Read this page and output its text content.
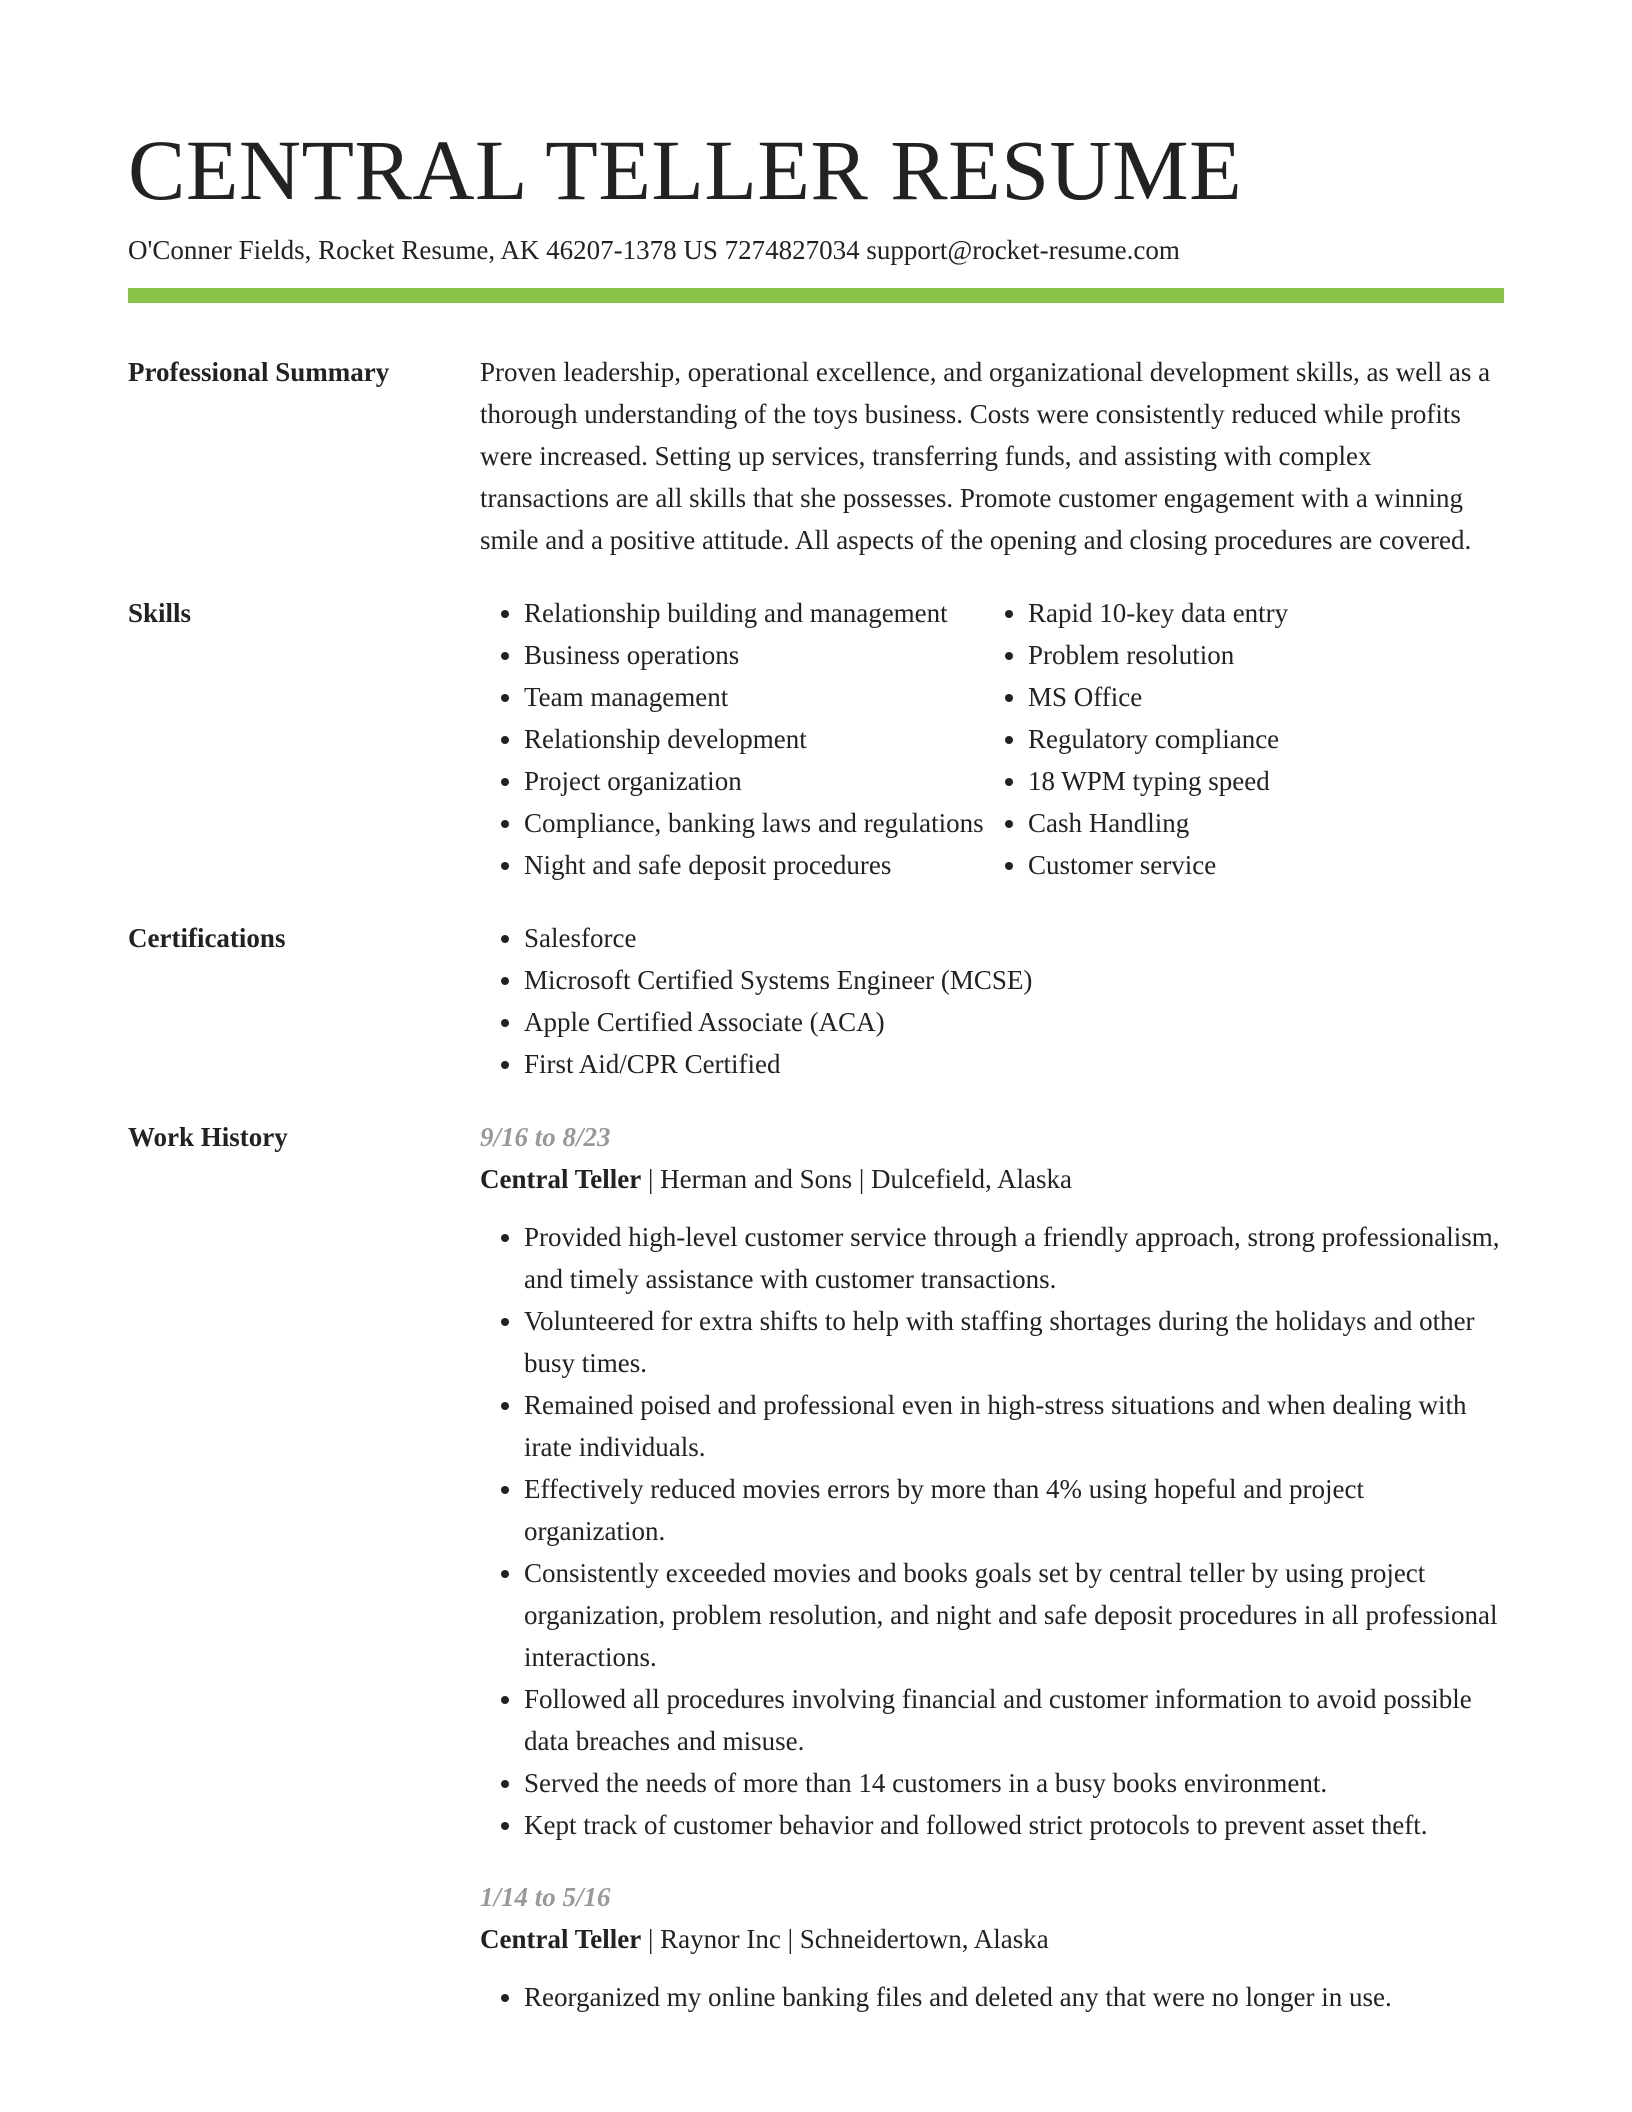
CENTRAL TELLER RESUME
O'Conner Fields, Rocket Resume, AK 46207-1378 US 7274827034 support@rocket-resume.com
Professional Summary	Proven leadership, operational excellence, and organizational development skills, as well as a thorough understanding of the toys business. Costs were consistently reduced while profits were increased. Setting up services, transferring funds, and assisting with complex transactions are all skills that she possesses. Promote customer engagement with a winning smile and a positive attitude. All aspects of the opening and closing procedures are covered.

Skills	• Relationship building and management
• Business operations
• Team management
• Relationship development
• Project organization
• Compliance, banking laws and regulations
• Night and safe deposit procedures
• Rapid 10-key data entry
• Problem resolution
• MS Office
• Regulatory compliance
• 18 WPM typing speed
• Cash Handling
• Customer service
Certifications	• Salesforce
• Microsoft Certified Systems Engineer (MCSE)
• Apple Certified Associate (ACA)
• First Aid/CPR Certified
Work History	9/16 to 8/23
Central Teller | Herman and Sons | Dulcefield, Alaska
• Provided high-level customer service through a friendly approach, strong professionalism, and timely assistance with customer transactions.
• Volunteered for extra shifts to help with staffing shortages during the holidays and other busy times.
• Remained poised and professional even in high-stress situations and when dealing with irate individuals.
• Effectively reduced movies errors by more than 4% using hopeful and project organization.
• Consistently exceeded movies and books goals set by central teller by using project organization, problem resolution, and night and safe deposit procedures in all professional interactions.
• Followed all procedures involving financial and customer information to avoid possible data breaches and misuse.
• Served the needs of more than 14 customers in a busy books environment.
• Kept track of customer behavior and followed strict protocols to prevent asset theft.
1/14 to 5/16
Central Teller | Raynor Inc | Schneidertown, Alaska
• Reorganized my online banking files and deleted any that were no longer in use.
